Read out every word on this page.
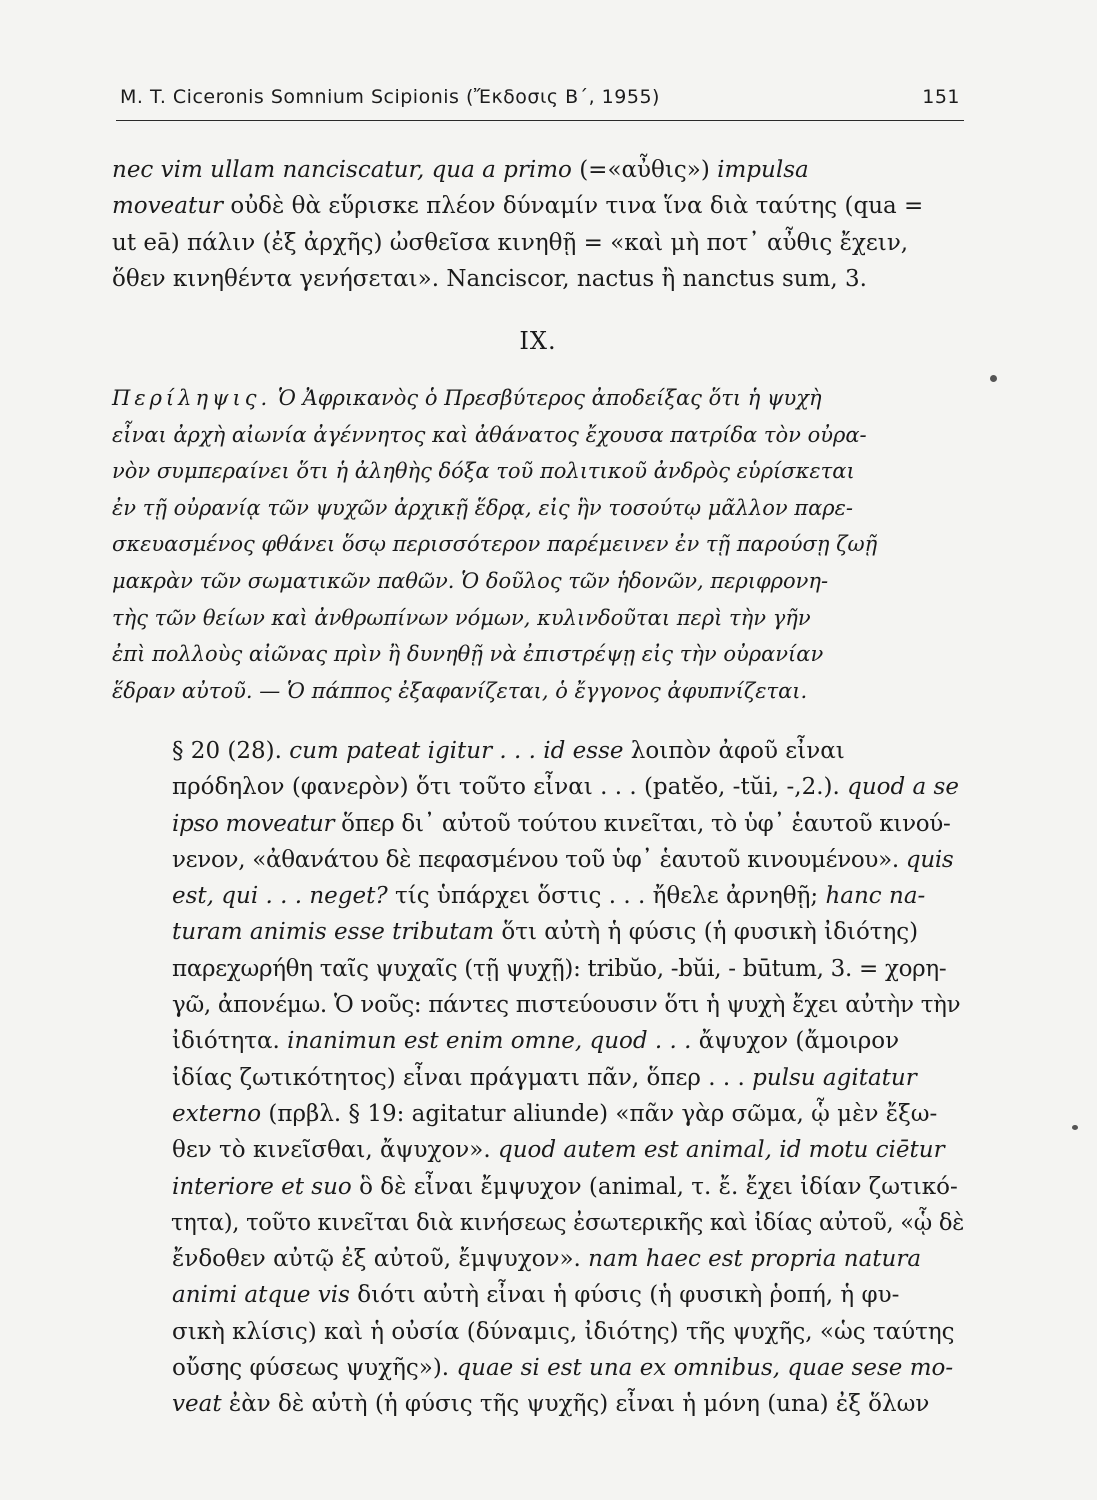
M. T. Ciceronis Somnium Scipionis (Ἔκδοσις Β΄, 1955)	151
nec vim ullam nanciscatur, qua a primo (=«αὖθις») impulsa
moveatur οὐδὲ θὰ εὕρισκε πλέον δύναμίν τινα ἵνα διὰ ταύτης (qua =
ut eā) πάλιν (ἐξ ἀρχῆς) ὠσθεῖσα κινηθῇ = «καὶ μὴ ποτ᾽ αὖθις ἔχειν,
ὅθεν κινηθέντα γενήσεται». Nanciscor, nactus ἢ nanctus sum, 3.
IX.
Περίληψις. Ὁ Ἀφρικανὸς ὁ Πρεσβύτερος ἀποδείξας ὅτι ἡ ψυχὴ
εἶναι ἀρχὴ αἰωνία ἀγέννητος καὶ ἀθάνατος ἔχουσα πατρίδα τὸν οὐρα-
νὸν συμπεραίνει ὅτι ἡ ἀληθὴς δόξα τοῦ πολιτικοῦ ἀνδρὸς εὑρίσκεται
ἐν τῇ οὐρανίᾳ τῶν ψυχῶν ἀρχικῇ ἕδρᾳ, εἰς ἣν τοσούτῳ μᾶλλον παρε-
σκευασμένος φθάνει ὅσῳ περισσότερον παρέμεινεν ἐν τῇ παρούσῃ ζωῇ
μακρὰν τῶν σωματικῶν παθῶν. Ὁ δοῦλος τῶν ἡδονῶν, περιφρονη-
τὴς τῶν θείων καὶ ἀνθρωπίνων νόμων, κυλινδοῦται περὶ τὴν γῆν
ἐπὶ πολλοὺς αἰῶνας πρὶν ἢ δυνηθῇ νὰ ἐπιστρέψῃ εἰς τὴν οὐρανίαν
ἕδραν αὐτοῦ. — Ὁ πάππος ἐξαφανίζεται, ὁ ἔγγονος ἀφυπνίζεται.
§ 20 (28). cum pateat igitur . . . id esse λοιπὸν ἀφοῦ εἶναι
πρόδηλον (φανερὸν) ὅτι τοῦτο εἶναι . . . (patĕo, -tŭi, -,2.). quod a se
ipso moveatur ὅπερ δι᾽ αὐτοῦ τούτου κινεῖται, τὸ ὑφ᾽ ἑαυτοῦ κινού-
νενον, «ἀθανάτου δὲ πεφασμένου τοῦ ὑφ᾽ ἑαυτοῦ κινουμένου». quis
est, qui . . . neget? τίς ὑπάρχει ὅστις . . . ἤθελε ἀρνηθῇ; hanc na-
turam animis esse tributam ὅτι αὐτὴ ἡ φύσις (ἡ φυσικὴ ἰδιότης)
παρεχωρήθη ταῖς ψυχαῖς (τῇ ψυχῇ): tribŭo, -bŭi, - būtum, 3. = χορη-
γῶ, ἀπονέμω. Ὁ νοῦς: πάντες πιστεύουσιν ὅτι ἡ ψυχὴ ἔχει αὐτὴν τὴν
ἰδιότητα. inanimun est enim omne, quod . . . ἄψυχον (ἄμοιρον
ἰδίας ζωτικότητος) εἶναι πράγματι πᾶν, ὅπερ . . . pulsu agitatur
externo (πρβλ. § 19: agitatur aliunde) «πᾶν γὰρ σῶμα, ᾧ μὲν ἔξω-
θεν τὸ κινεῖσθαι, ἄψυχον». quod autem est animal, id motu ciētur
interiore et suo ὃ δὲ εἶναι ἔμψυχον (animal, τ. ἔ. ἔχει ἰδίαν ζωτικό-
τητα), τοῦτο κινεῖται διὰ κινήσεως ἐσωτερικῆς καὶ ἰδίας αὐτοῦ, «ᾧ δὲ
ἔνδοθεν αὐτῷ ἐξ αὐτοῦ, ἔμψυχον». nam haec est propria natura
animi atque vis διότι αὐτὴ εἶναι ἡ φύσις (ἡ φυσικὴ ῥοπή, ἡ φυ-
σικὴ κλίσις) καὶ ἡ οὐσία (δύναμις, ἰδιότης) τῆς ψυχῆς, «ὡς ταύτης
οὔσης φύσεως ψυχῆς»). quae si est una ex omnibus, quae sese mo-
veat ἐὰν δὲ αὐτὴ (ἡ φύσις τῆς ψυχῆς) εἶναι ἡ μόνη (una) ἐξ ὅλων
